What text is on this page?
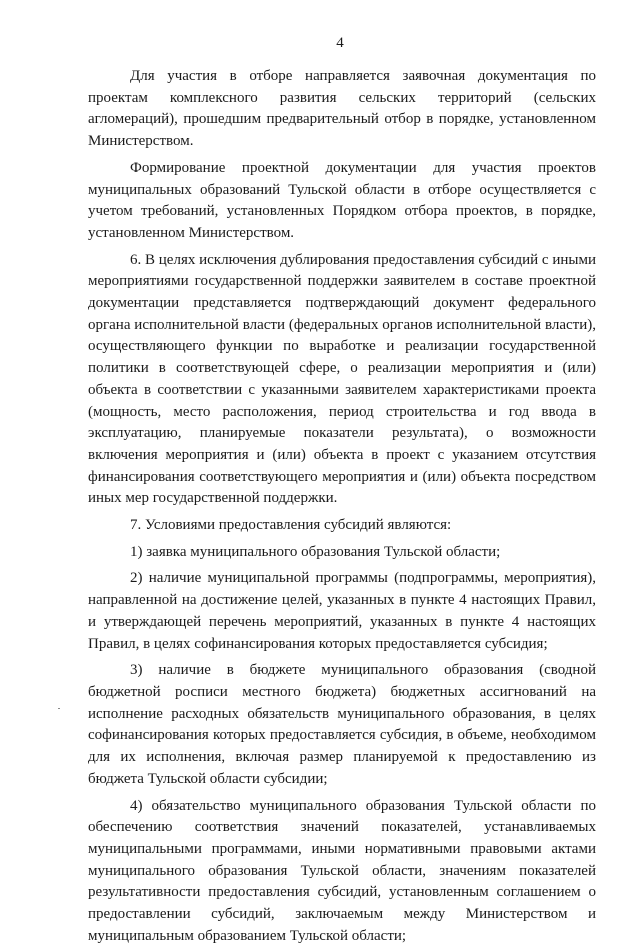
4

Для участия в отборе направляется заявочная документация по проектам комплексного развития сельских территорий (сельских агломераций), прошедшим предварительный отбор в порядке, установленном Министерством.

Формирование проектной документации для участия проектов муниципальных образований Тульской области в отборе осуществляется с учетом требований, установленных Порядком отбора проектов, в порядке, установленном Министерством.

6. В целях исключения дублирования предоставления субсидий с иными мероприятиями государственной поддержки заявителем в составе проектной документации представляется подтверждающий документ федерального органа исполнительной власти (федеральных органов исполнительной власти), осуществляющего функции по выработке и реализации государственной политики в соответствующей сфере, о реализации мероприятия и (или) объекта в соответствии с указанными заявителем характеристиками проекта (мощность, место расположения, период строительства и год ввода в эксплуатацию, планируемые показатели результата), о возможности включения мероприятия и (или) объекта в проект с указанием отсутствия финансирования соответствующего мероприятия и (или) объекта посредством иных мер государственной поддержки.

7. Условиями предоставления субсидий являются:

1) заявка муниципального образования Тульской области;

2) наличие муниципальной программы (подпрограммы, мероприятия), направленной на достижение целей, указанных в пункте 4 настоящих Правил, и утверждающей перечень мероприятий, указанных в пункте 4 настоящих Правил, в целях софинансирования которых предоставляется субсидия;

3) наличие в бюджете муниципального образования (сводной бюджетной росписи местного бюджета) бюджетных ассигнований на исполнение расходных обязательств муниципального образования, в целях софинансирования которых предоставляется субсидия, в объеме, необходимом для их исполнения, включая размер планируемой к предоставлению из бюджета Тульской области субсидии;

4) обязательство муниципального образования Тульской области по обеспечению соответствия значений показателей, устанавливаемых муниципальными программами, иными нормативными правовыми актами муниципального образования Тульской области, значениям показателей результативности предоставления субсидий, установленным соглашением о предоставлении субсидий, заключаемым между Министерством и муниципальным образованием Тульской области;
